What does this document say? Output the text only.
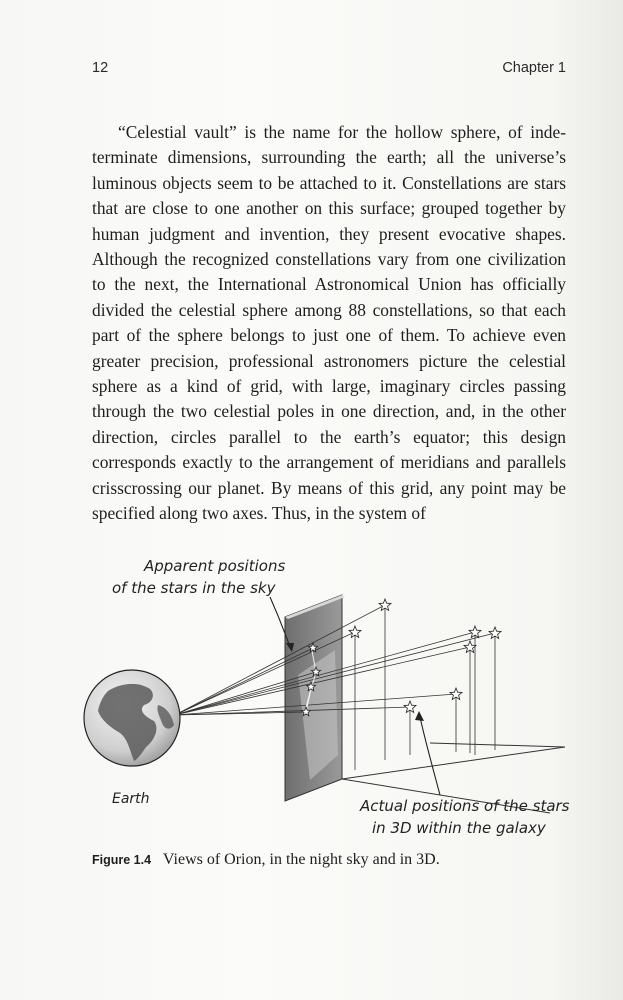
12	Chapter 1

“Celestial vault” is the name for the hollow sphere, of indeterminate dimensions, surrounding the earth; all the universe’s luminous objects seem to be attached to it. Constellations are stars that are close to one another on this surface; grouped together by human judgment and invention, they present evocative shapes. Although the recognized constellations vary from one civilization to the next, the International Astronomical Union has officially divided the celestial sphere among 88 constellations, so that each part of the sphere belongs to just one of them. To achieve even greater precision, professional astronomers picture the celestial sphere as a kind of grid, with large, imaginary circles passing through the two celestial poles in one direction, and, in the other direction, circles parallel to the earth’s equator; this design corresponds exactly to the arrangement of meridians and parallels crisscrossing our planet. By means of this grid, any point may be specified along two axes. Thus, in the system of

Apparent positions
of the stars in the sky
Earth	Actual positions of the stars
in 3D within the galaxy
Figure 1.4 Views of Orion, in the night sky and in 3D.
